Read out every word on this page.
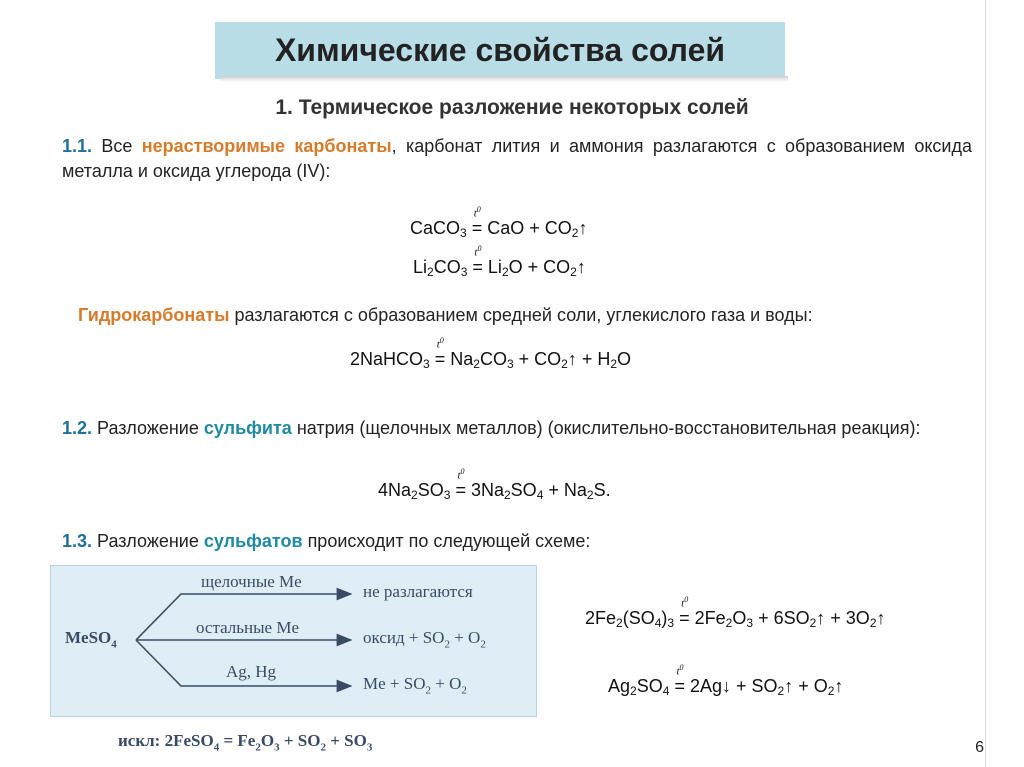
Химические свойства солей
1. Термическое разложение некоторых солей
1.1. Все нерастворимые карбонаты, карбонат лития и аммония разлагаются с образованием оксида металла и оксида углерода (IV):
CaCO$_3$
$t^0$
= CaO + $CO_2↑$
$Li_2CO_3$
$t^0$
= $Li_2O$ + $CO_2↑$
Гидрокарбонаты разлагаются с образованием средней соли, углекислого газа и воды:
2NaHCO$_3$
$t^0$
= $Na_2CO_3$ + $CO_2↑ + H_2O$
1.2. Разложение сульфита натрия (щелочных металлов) (окислительно-восстановительная реакция):
$4Na_2SO_3$
$t^0$
= $3Na_2SO_4 + Na_2S$.
1.3. Разложение сульфатов происходит по следующей схеме:
MeSO$_4$
щелочные Me
не разлагаются
остальные Me
оксид + $SO_2 + O_2$
Ag, Hg
$Me + SO_2 + O_2$
искл: 2FeSO$_4$ = $Fe_2O_3 + SO_2 + SO_3$
$2Fe_2(SO_4)_3$
$t^0$
= $2Fe_2O_3$ + $6SO_2↑$ + $3O_2↑$
$Ag_2SO_4$
$t^0$
= 2Ag↓ + $SO_2↑$ + $O_2↑$
6
